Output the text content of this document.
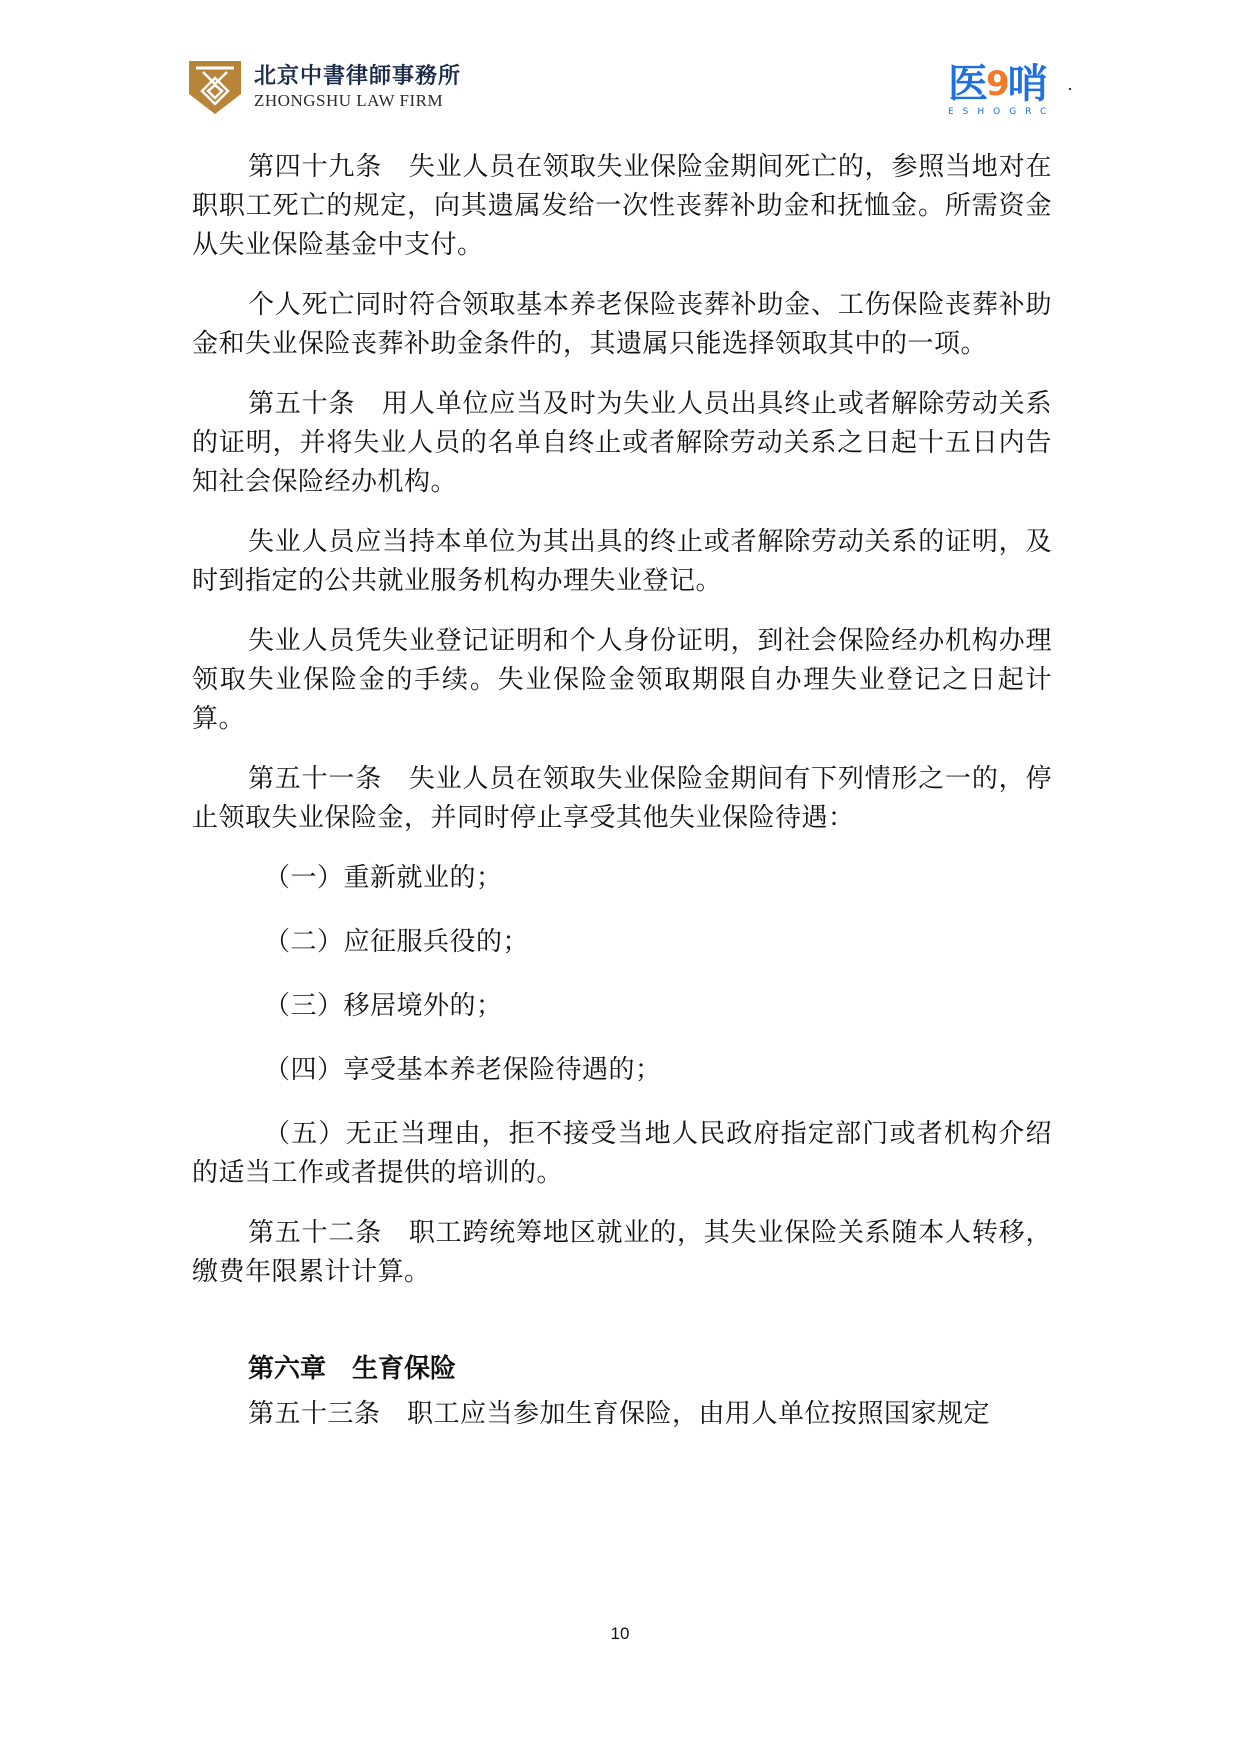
北京中書律師事務所
ZHONGSHU LAW FIRM	医
9
哨
ESHOGRC

第四十九条　失业人员在领取失业保险金期间死亡的，参照当地对在职职工死亡的规定，向其遗属发给一次性丧葬补助金和抚恤金。所需资金从失业保险基金中支付。

个人死亡同时符合领取基本养老保险丧葬补助金、工伤保险丧葬补助金和失业保险丧葬补助金条件的，其遗属只能选择领取其中的一项。

第五十条　用人单位应当及时为失业人员出具终止或者解除劳动关系的证明，并将失业人员的名单自终止或者解除劳动关系之日起十五日内告知社会保险经办机构。

失业人员应当持本单位为其出具的终止或者解除劳动关系的证明，及时到指定的公共就业服务机构办理失业登记。

失业人员凭失业登记证明和个人身份证明，到社会保险经办机构办理领取失业保险金的手续。失业保险金领取期限自办理失业登记之日起计算。

第五十一条　失业人员在领取失业保险金期间有下列情形之一的，停止领取失业保险金，并同时停止享受其他失业保险待遇：

（一）重新就业的；

（二）应征服兵役的；

（三）移居境外的；

（四）享受基本养老保险待遇的；

（五）无正当理由，拒不接受当地人民政府指定部门或者机构介绍的适当工作或者提供的培训的。

第五十二条　职工跨统筹地区就业的，其失业保险关系随本人转移，缴费年限累计计算。

第六章　生育保险

第五十三条　职工应当参加生育保险，由用人单位按照国家规定

10
